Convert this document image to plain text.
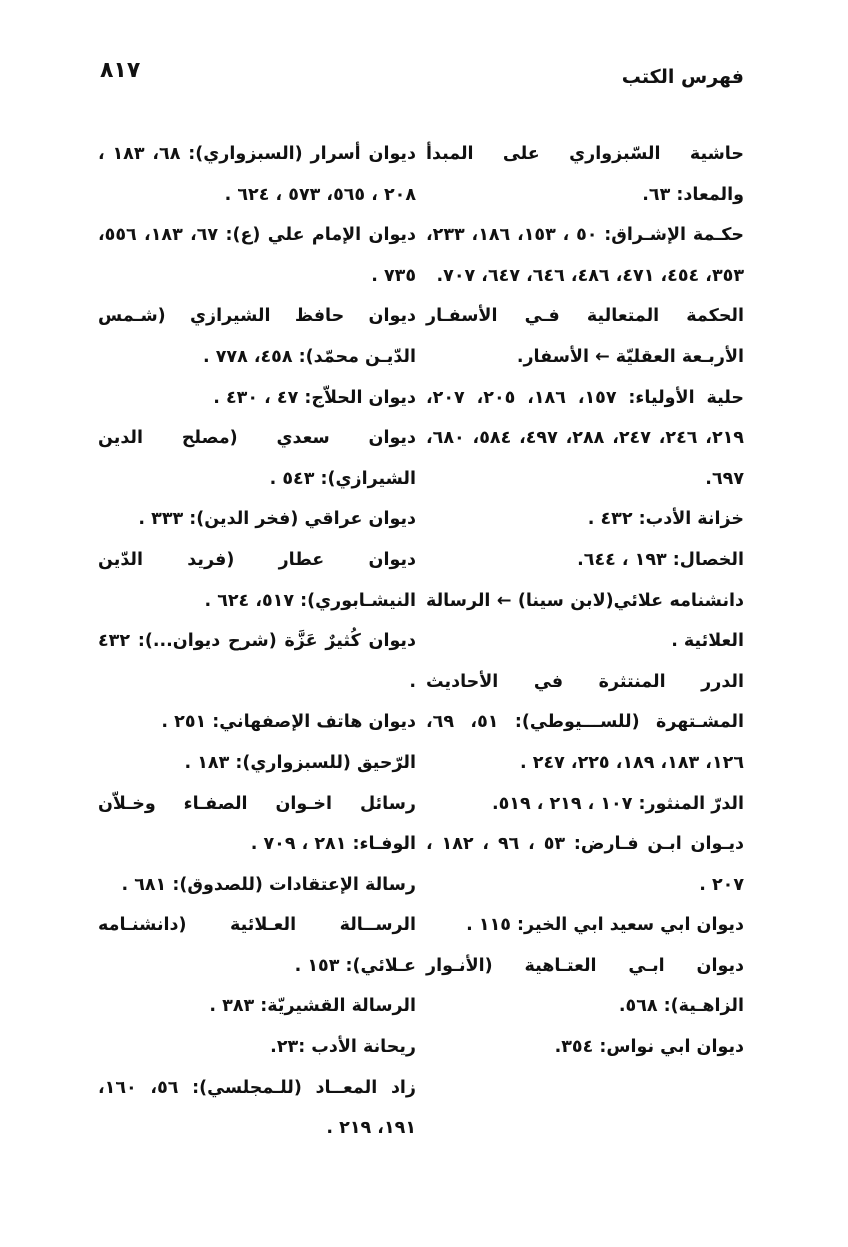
٨١٧	فهرس الكتب

حاشية السّبزواري على المبدأ والمعاد: ٦٣.

حكـمة الإشـراق: ٥٠ ، ١٥٣، ١٨٦، ٢٣٣، ٣٥٣، ٤٥٤، ٤٧١، ٤٨٦، ٦٤٦، ٦٤٧، ٧٠٧.

الحكمة المتعالية فـي الأسفـار الأربـعة العقليّة ← الأسفار.

حلية الأولياء: ١٥٧، ١٨٦، ٢٠٥، ٢٠٧، ٢١٩، ٢٤٦، ٢٤٧، ٢٨٨، ٤٩٧، ٥٨٤، ٦٨٠، ٦٩٧.

خزانة الأدب: ٤٣٢ .

الخصال: ١٩٣ ، ٦٤٤.

دانشنامه علائي(لابن سينا) ← الرسالة العلائية .

الدرر المنتثرة في الأحاديث المشـتهرة (للســـيوطي): ٥١، ٦٩، ١٢٦، ١٨٣، ١٨٩، ٢٢٥، ٢٤٧ .

الدرّ المنثور: ١٠٧ ، ٢١٩ ، ٥١٩.

ديـوان ابـن فـارض: ٥٣ ، ٩٦ ، ١٨٢ ، ٢٠٧ .

ديوان ابي سعيد ابي الخير: ١١٥ .

ديوان ابـي العتـاهية (الأنـوار الزاهـية): ٥٦٨.

ديوان ابي نواس: ٣٥٤.

ديوان أسرار (السبزواري): ٦٨، ١٨٣ ، ٢٠٨ ، ٥٦٥، ٥٧٣ ، ٦٢٤ .

ديوان الإمام علي (ع): ٦٧، ١٨٣، ٥٥٦، ٧٣٥ .

ديوان حافظ الشيرازي (شـمس الدّيـن محمّد): ٤٥٨، ٧٧٨ .

ديوان الحلاّج: ٤٧ ، ٤٣٠ .

ديوان سعدي (مصلح الدين الشيرازي): ٥٤٣ .

ديوان عراقي (فخر الدين): ٣٣٣ .

ديوان عطار (فريد الدّين النيشـابوري): ٥١٧، ٦٢٤ .

ديوان كُثيرٌ عَزَّة (شرح ديوان...): ٤٣٢ .

ديوان هاتف الإصفهاني: ٢٥١ .

الرّحيق (للسبزواري): ١٨٣ .

رسائل اخـوان الصفـاء وخـلاّن الوفـاء: ٢٨١ ، ٧٠٩ .

رسالة الإعتقادات (للصدوق): ٦٨١ .

الرســالة العـلائية (دانشنـامه عـلائي): ١٥٣ .

الرسالة القشيريّة: ٣٨٣ .

ريحانة الأدب :٢٣.

زاد المعــاد (للـمجلسي): ٥٦، ١٦٠، ١٩١، ٢١٩ .
